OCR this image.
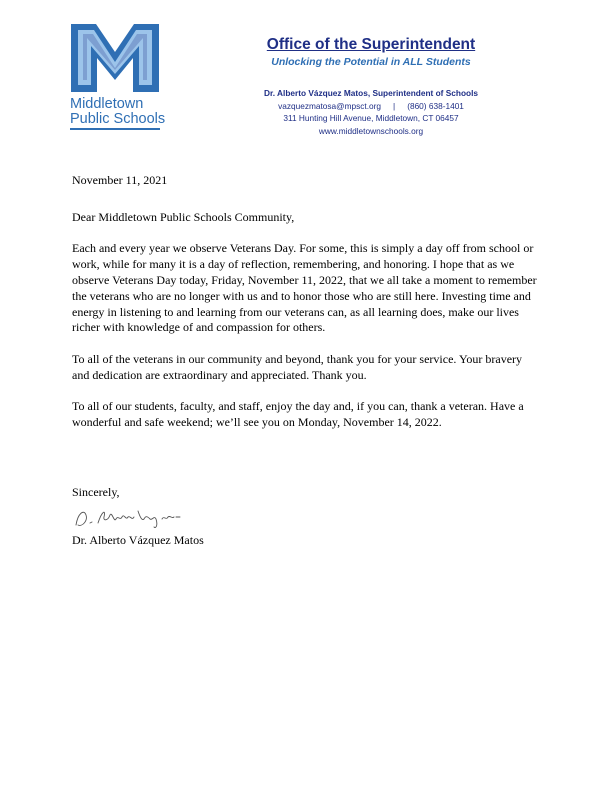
Middletown
Public Schools
Office of the Superintendent
Unlocking the Potential in ALL Students
Dr. Alberto Vázquez Matos, Superintendent of Schools
vazquezmatosa@mpsct.org | (860) 638-1401
311 Hunting Hill Avenue, Middletown, CT 06457
www.middletownschools.org

November 11, 2021

Dear Middletown Public Schools Community,

Each and every year we observe Veterans Day. For some, this is simply a day off from school or work, while for many it is a day of reflection, remembering, and honoring. I hope that as we observe Veterans Day today, Friday, November 11, 2022, that we all take a moment to remember the veterans who are no longer with us and to honor those who are still here. Investing time and energy in listening to and learning from our veterans can, as all learning does, make our lives richer with knowledge of and compassion for others.

To all of the veterans in our community and beyond, thank you for your service. Your bravery and dedication are extraordinary and appreciated. Thank you.

To all of our students, faculty, and staff, enjoy the day and, if you can, thank a veteran. Have a wonderful and safe weekend; we’ll see you on Monday, November 14, 2022.

Sincerely,
Dr. Alberto Vázquez Matos
